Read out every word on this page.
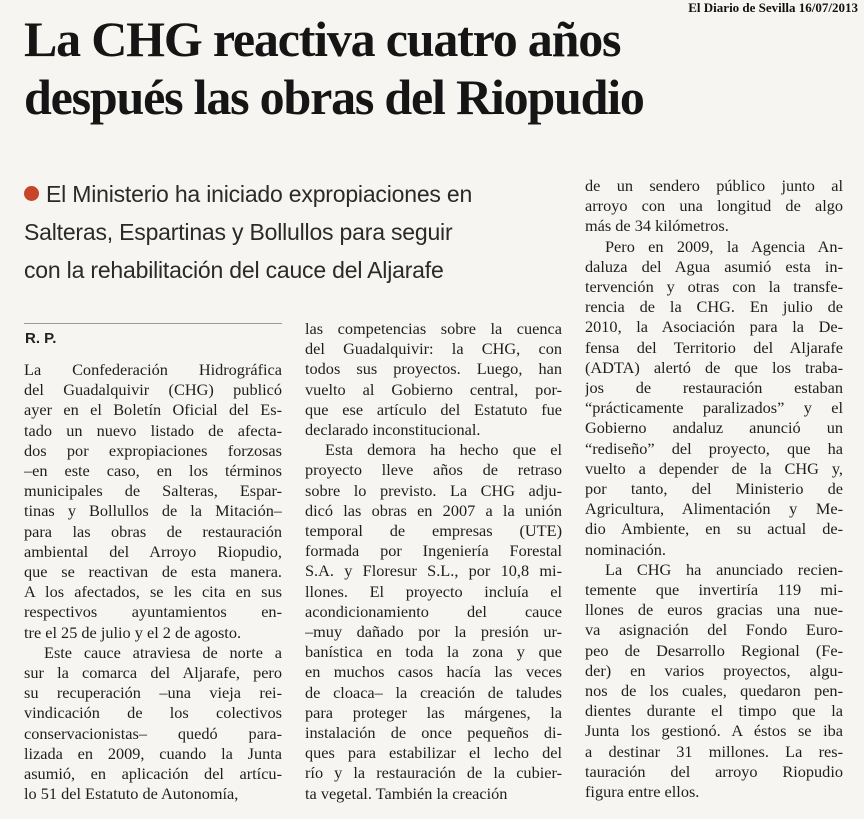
El Diario de Sevilla 16/07/2013
La CHG reactiva cuatro años
después las obras del Riopudio
El Ministerio ha iniciado expropiaciones en
Salteras, Espartinas y Bollullos para seguir
con la rehabilitación del cauce del Aljarafe
R. P.
La Confederación Hidrográfica
del Guadalquivir (CHG) publicó
ayer en el Boletín Oficial del Es-
tado un nuevo listado de afecta-
dos por expropiaciones forzosas
–en este caso, en los términos
municipales de Salteras, Espar-
tinas y Bollullos de la Mitación–
para las obras de restauración
ambiental del Arroyo Riopudio,
que se reactivan de esta manera.
A los afectados, se les cita en sus
respectivos ayuntamientos en-
tre el 25 de julio y el 2 de agosto.
Este cauce atraviesa de norte a
sur la comarca del Aljarafe, pero
su recuperación –una vieja rei-
vindicación de los colectivos
conservacionistas– quedó para-
lizada en 2009, cuando la Junta
asumió, en aplicación del artícu-
lo 51 del Estatuto de Autonomía,
las competencias sobre la cuenca
del Guadalquivir: la CHG, con
todos sus proyectos. Luego, han
vuelto al Gobierno central, por-
que ese artículo del Estatuto fue
declarado inconstitucional.
Esta demora ha hecho que el
proyecto lleve años de retraso
sobre lo previsto. La CHG adju-
dicó las obras en 2007 a la unión
temporal de empresas (UTE)
formada por Ingeniería Forestal
S.A. y Floresur S.L., por 10,8 mi-
llones. El proyecto incluía el
acondicionamiento del cauce
–muy dañado por la presión ur-
banística en toda la zona y que
en muchos casos hacía las veces
de cloaca– la creación de taludes
para proteger las márgenes, la
instalación de once pequeños di-
ques para estabilizar el lecho del
río y la restauración de la cubier-
ta vegetal. También la creación
de un sendero público junto al
arroyo con una longitud de algo
más de 34 kilómetros.
Pero en 2009, la Agencia An-
daluza del Agua asumió esta in-
tervención y otras con la transfe-
rencia de la CHG. En julio de
2010, la Asociación para la De-
fensa del Territorio del Aljarafe
(ADTA) alertó de que los traba-
jos de restauración estaban
“prácticamente paralizados” y el
Gobierno andaluz anunció un
“rediseño” del proyecto, que ha
vuelto a depender de la CHG y,
por tanto, del Ministerio de
Agricultura, Alimentación y Me-
dio Ambiente, en su actual de-
nominación.
La CHG ha anunciado recien-
temente que invertiría 119 mi-
llones de euros gracias una nue-
va asignación del Fondo Euro-
peo de Desarrollo Regional (Fe-
der) en varios proyectos, algu-
nos de los cuales, quedaron pen-
dientes durante el timpo que la
Junta los gestionó. A éstos se iba
a destinar 31 millones. La res-
tauración del arroyo Riopudio
figura entre ellos.
